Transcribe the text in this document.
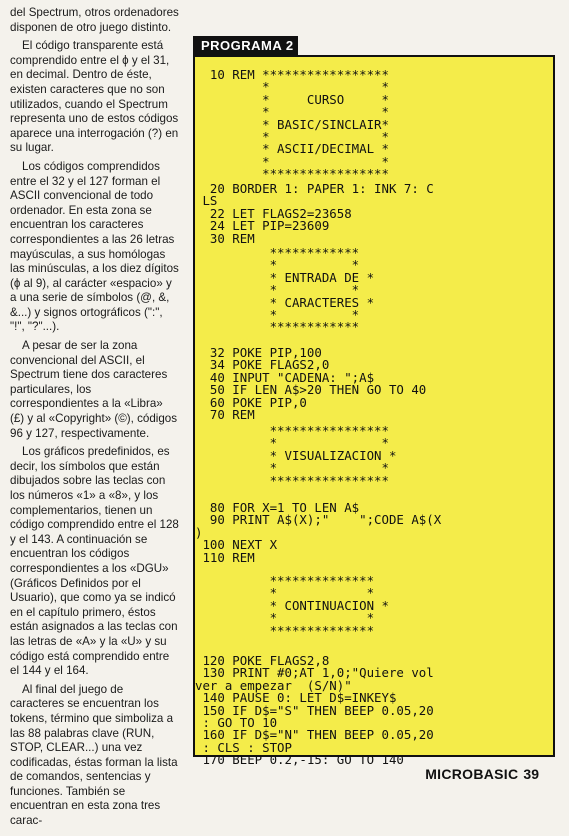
del Spectrum, otros ordenadores disponen de otro juego distinto.

El código transparente está comprendido entre el ϕ y el 31, en decimal. Dentro de éste, existen caracteres que no son utilizados, cuando el Spectrum representa uno de estos códigos aparece una interrogación (?) en su lugar.

Los códigos comprendidos entre el 32 y el 127 forman el ASCII convencional de todo ordenador. En esta zona se encuentran los caracteres correspondientes a las 26 letras mayúsculas, a sus homólogas las minúsculas, a los diez dígitos (ϕ al 9), al carácter «espacio» y a una serie de símbolos (@, &, &...) y signos ortográficos (":", "!", "?"...).

A pesar de ser la zona convencional del ASCII, el Spectrum tiene dos caracteres particulares, los correspondientes a la «Libra» (£) y al «Copyright» (©), códigos 96 y 127, respectivamente.

Los gráficos predefinidos, es decir, los símbolos que están dibujados sobre las teclas con los números «1» a «8», y los complementarios, tienen un código comprendido entre el 128 y el 143. A continuación se encuentran los códigos correspondientes a los «DGU» (Gráficos Definidos por el Usuario), que como ya se indicó en el capítulo primero, éstos están asignados a las teclas con las letras de «A» y la «U» y su código está comprendido entre el 144 y el 164.

Al final del juego de caracteres se encuentran los tokens, término que simboliza a las 88 palabras clave (RUN, STOP, CLEAR...) una vez codificadas, éstas forman la lista de comandos, sentencias y funciones. También se encuentran en esta zona tres carac-

PROGRAMA 2
10 REM *****************
*               *
*     CURSO     *
*               *
* BASIC/SINCLAIR*
*               *
* ASCII/DECIMAL *
*               *
*****************
20 BORDER 1: PAPER 1: INK 7: C
LS
22 LET FLAGS2=23658
24 LET PIP=23609
30 REM
************
*          *
* ENTRADA DE *
*          *
* CARACTERES *
*          *
************
32 POKE PIP,100
34 POKE FLAGS2,0
40 INPUT "CADENA: ";A$
50 IF LEN A$>20 THEN GO TO 40
60 POKE PIP,0
70 REM
****************
*              *
* VISUALIZACION *
*              *
****************
80 FOR X=1 TO LEN A$
90 PRINT A$(X);"    ";CODE A$(X
)
100 NEXT X
110 REM
**************
*            *
* CONTINUACION *
*            *
**************
120 POKE FLAGS2,8
130 PRINT #0;AT 1,0;"Quiere vol
ver a empezar  (S/N)"
140 PAUSE 0: LET D$=INKEY$
150 IF D$="S" THEN BEEP 0.05,20
: GO TO 10
160 IF D$="N" THEN BEEP 0.05,20
: CLS : STOP
170 BEEP 0.2,-15: GO TO 140
MICROBASIC 39
